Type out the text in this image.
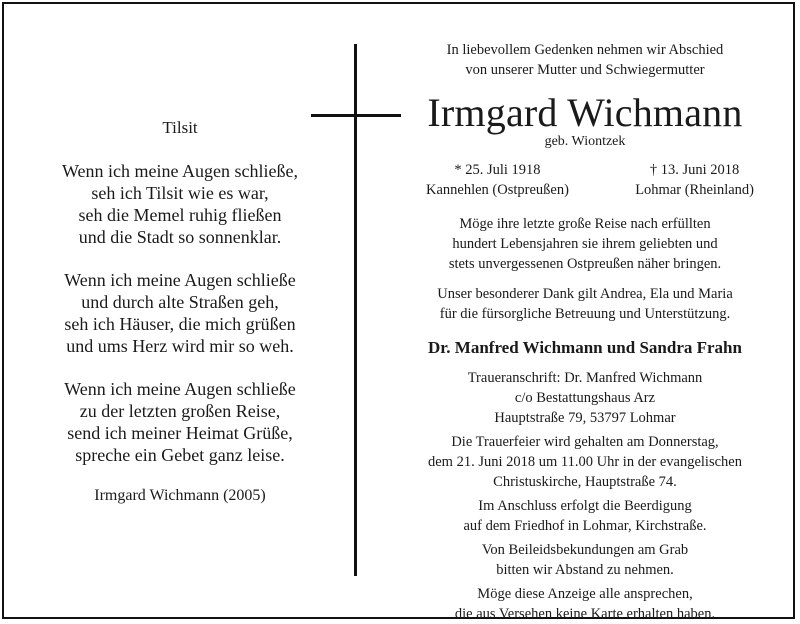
Tilsit
Wenn ich meine Augen schließe,
seh ich Tilsit wie es war,
seh die Memel ruhig fließen
und die Stadt so sonnenklar.
Wenn ich meine Augen schließe
und durch alte Straßen geh,
seh ich Häuser, die mich grüßen
und ums Herz wird mir so weh.
Wenn ich meine Augen schließe
zu der letzten großen Reise,
send ich meiner Heimat Grüße,
spreche ein Gebet ganz leise.
Irmgard Wichmann (2005)
In liebevollem Gedenken nehmen wir Abschied
von unserer Mutter und Schwiegermutter
Irmgard Wichmann
geb. Wiontzek
* 25. Juli 1918
Kannehlen (Ostpreußen)
† 13. Juni 2018
Lohmar (Rheinland)
Möge ihre letzte große Reise nach erfüllten
hundert Lebensjahren sie ihrem geliebten und
stets unvergessenen Ostpreußen näher bringen.
Unser besonderer Dank gilt Andrea, Ela und Maria
für die fürsorgliche Betreuung und Unterstützung.
Dr. Manfred Wichmann und Sandra Frahn
Traueranschrift: Dr. Manfred Wichmann
c/o Bestattungshaus Arz
Hauptstraße 79, 53797 Lohmar
Die Trauerfeier wird gehalten am Donnerstag,
dem 21. Juni 2018 um 11.00 Uhr in der evangelischen
Christuskirche, Hauptstraße 74.
Im Anschluss erfolgt die Beerdigung
auf dem Friedhof in Lohmar, Kirchstraße.
Von Beileidsbekundungen am Grab
bitten wir Abstand zu nehmen.
Möge diese Anzeige alle ansprechen,
die aus Versehen keine Karte erhalten haben.
